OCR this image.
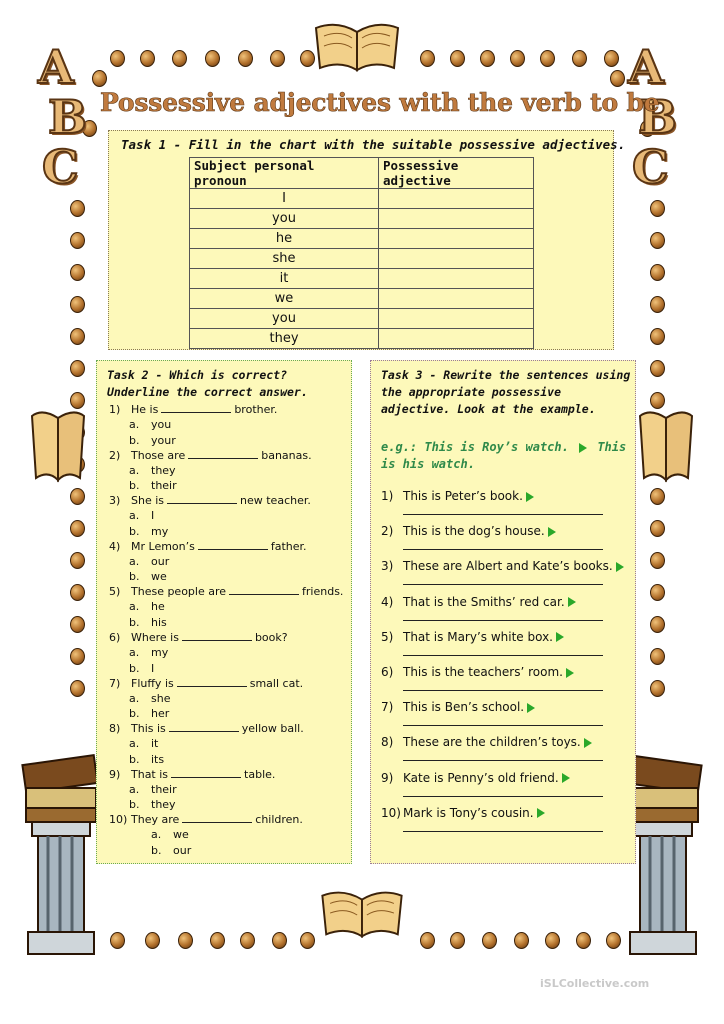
A
B
C
A
B
C
Possessive adjectives with the verb to be
Task 1 - Fill in the chart with the suitable possessive adjectives.
Subject personal pronoun	Possessive adjective
I	
you	
he	
she	
it	
we	
you	
they	
Task 2 - Which is correct? Underline the correct answer.
1) He is	brother.
a. you
b. your
2) Those are	bananas.
a. they
b. their
3) She is	new teacher.
a. I
b. my
4) Mr Lemon’s	father.
a. our
b. we
5) These people are	friends.
a. he
b. his
6) Where is	book?
a. my
b. I
7) Fluffy is	small cat.
a. she
b. her
8) This is	yellow ball.
a. it
b. its
9) That is	table.
a. their
b. they
10) They are	children.
a. we
b. our
Task 3 - Rewrite the sentences using the appropriate possessive adjective. Look at the example.
e.g.: This is Roy’s watch. This is his watch.
1) This is Peter’s book.
2) This is the dog’s house.
3) These are Albert and Kate’s books.
4) That is the Smiths’ red car.
5) That is Mary’s white box.
6) This is the teachers’ room.
7) This is Ben’s school.
8) These are the children’s toys.
9) Kate is Penny’s old friend.
10) Mark is Tony’s cousin.
iSLCollective.com
